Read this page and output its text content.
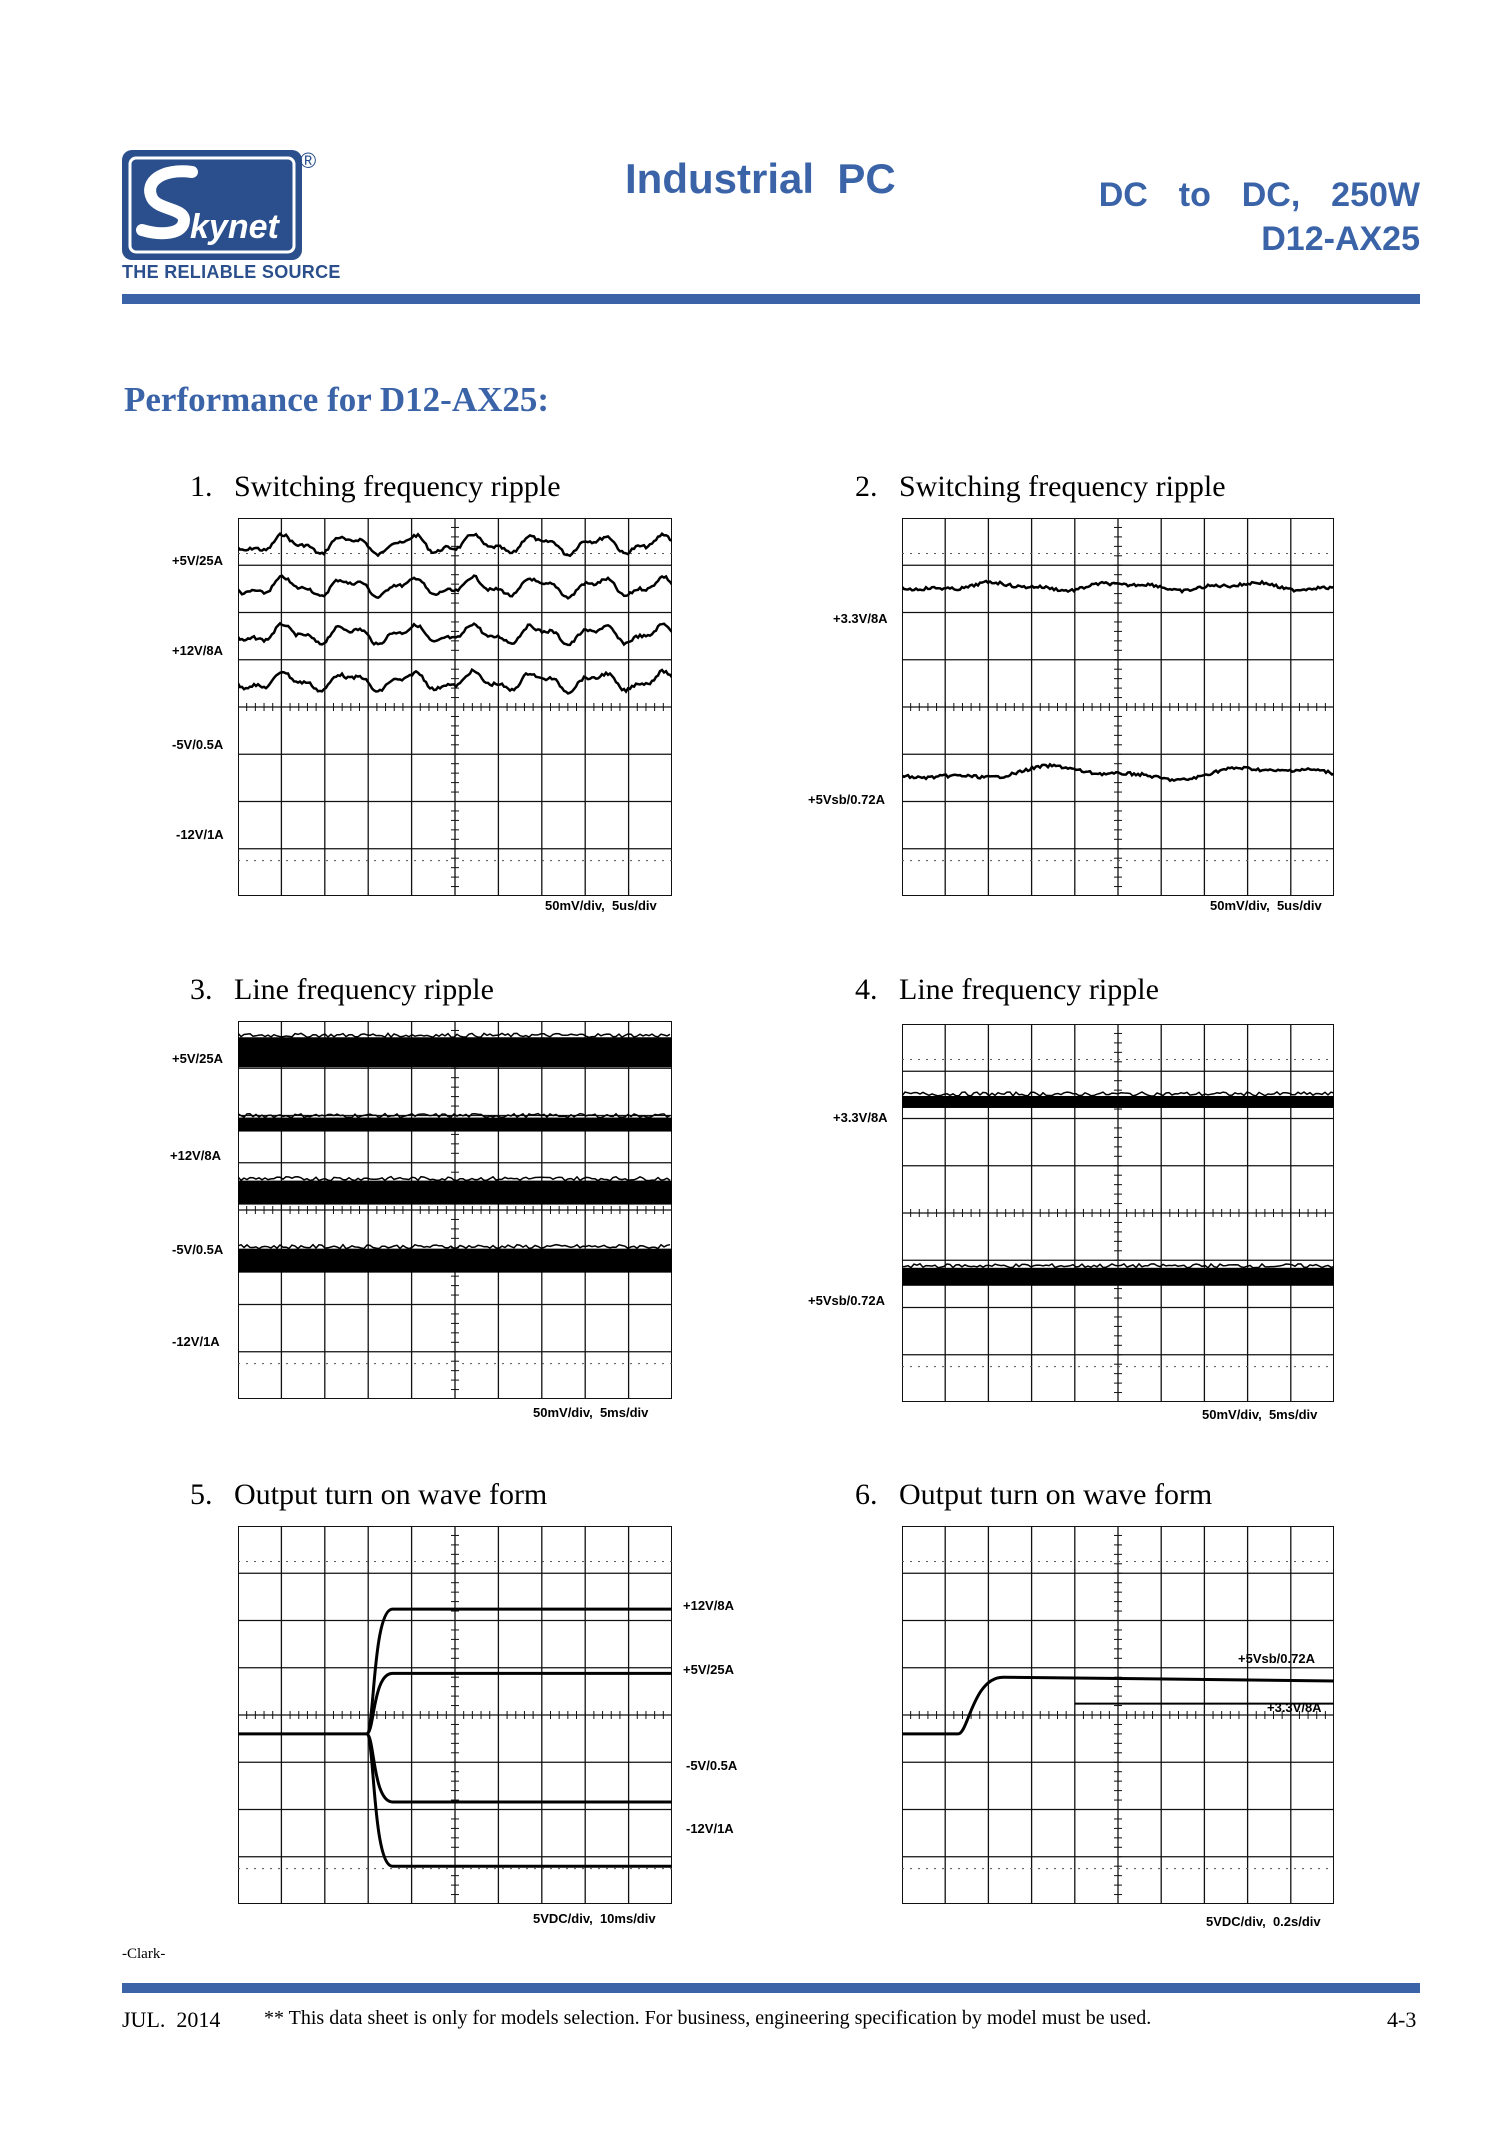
kynet
®
THE RELIABLE SOURCE
Industrial  PC	DC  to  DC,  250W
D12-AX25
Performance for D12-AX25:
1. Switching frequency ripple
+5V/25A
+12V/8A
-5V/0.5A
-12V/1A
50mV/div,  5us/div
2. Switching frequency ripple
+3.3V/8A
+5Vsb/0.72A
50mV/div,  5us/div
3. Line frequency ripple
+5V/25A
+12V/8A
-5V/0.5A
-12V/1A
50mV/div,  5ms/div
4. Line frequency ripple
+3.3V/8A
+5Vsb/0.72A
50mV/div,  5ms/div
5. Output turn on wave form
+12V/8A
+5V/25A
-5V/0.5A
-12V/1A
5VDC/div,  10ms/div
6. Output turn on wave form
+5Vsb/0.72A
+3.3V/8A
5VDC/div,  0.2s/div
-Clark-
JUL.  2014 ** This data sheet is only for models selection. For business, engineering specification by model must be used.	4-3
